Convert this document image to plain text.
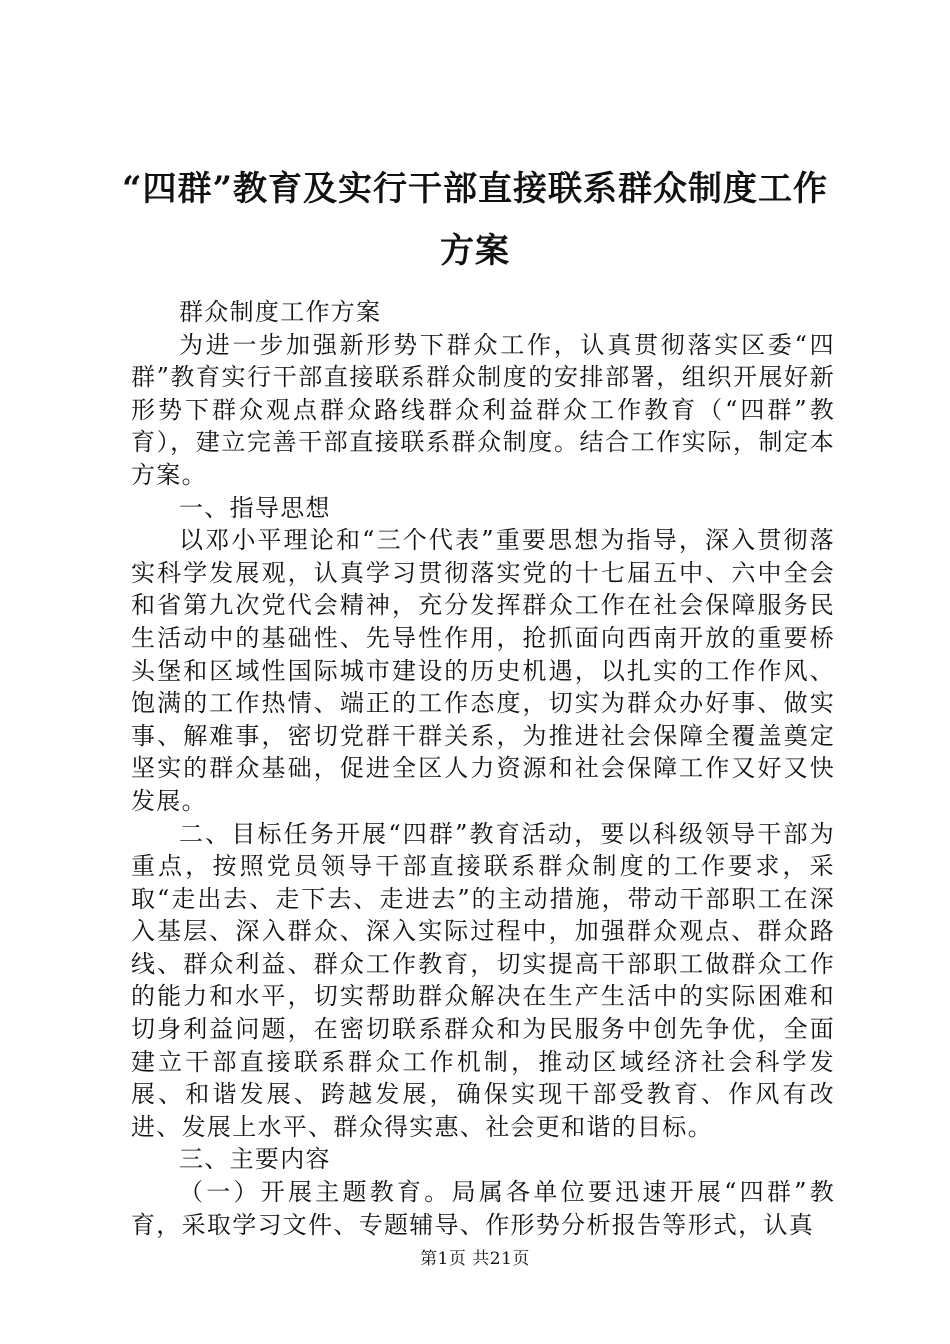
“四群”教育及实行干部直接联系群众制度工作方案

群众制度工作方案

为进一步加强新形势下群众工作，认真贯彻落实区委“四群”教育实行干部直接联系群众制度的安排部署，组织开展好新形势下群众观点群众路线群众利益群众工作教育（“四群”教育），建立完善干部直接联系群众制度。结合工作实际，制定本方案。

一、指导思想

以邓小平理论和“三个代表”重要思想为指导，深入贯彻落实科学发展观，认真学习贯彻落实党的十七届五中、六中全会和省第九次党代会精神，充分发挥群众工作在社会保障服务民生活动中的基础性、先导性作用，抢抓面向西南开放的重要桥头堡和区域性国际城市建设的历史机遇，以扎实的工作作风、饱满的工作热情、端正的工作态度，切实为群众办好事、做实事、解难事，密切党群干群关系，为推进社会保障全覆盖奠定坚实的群众基础，促进全区人力资源和社会保障工作又好又快发展。

二、目标任务开展“四群”教育活动，要以科级领导干部为重点，按照党员领导干部直接联系群众制度的工作要求，采取“走出去、走下去、走进去”的主动措施，带动干部职工在深入基层、深入群众、深入实际过程中，加强群众观点、群众路线、群众利益、群众工作教育，切实提高干部职工做群众工作的能力和水平，切实帮助群众解决在生产生活中的实际困难和切身利益问题，在密切联系群众和为民服务中创先争优，全面建立干部直接联系群众工作机制，推动区域经济社会科学发展、和谐发展、跨越发展，确保实现干部受教育、作风有改进、发展上水平、群众得实惠、社会更和谐的目标。

三、主要内容

（一）开展主题教育。局属各单位要迅速开展“四群”教育，采取学习文件、专题辅导、作形势分析报告等形式，认真

第1页 共21页
